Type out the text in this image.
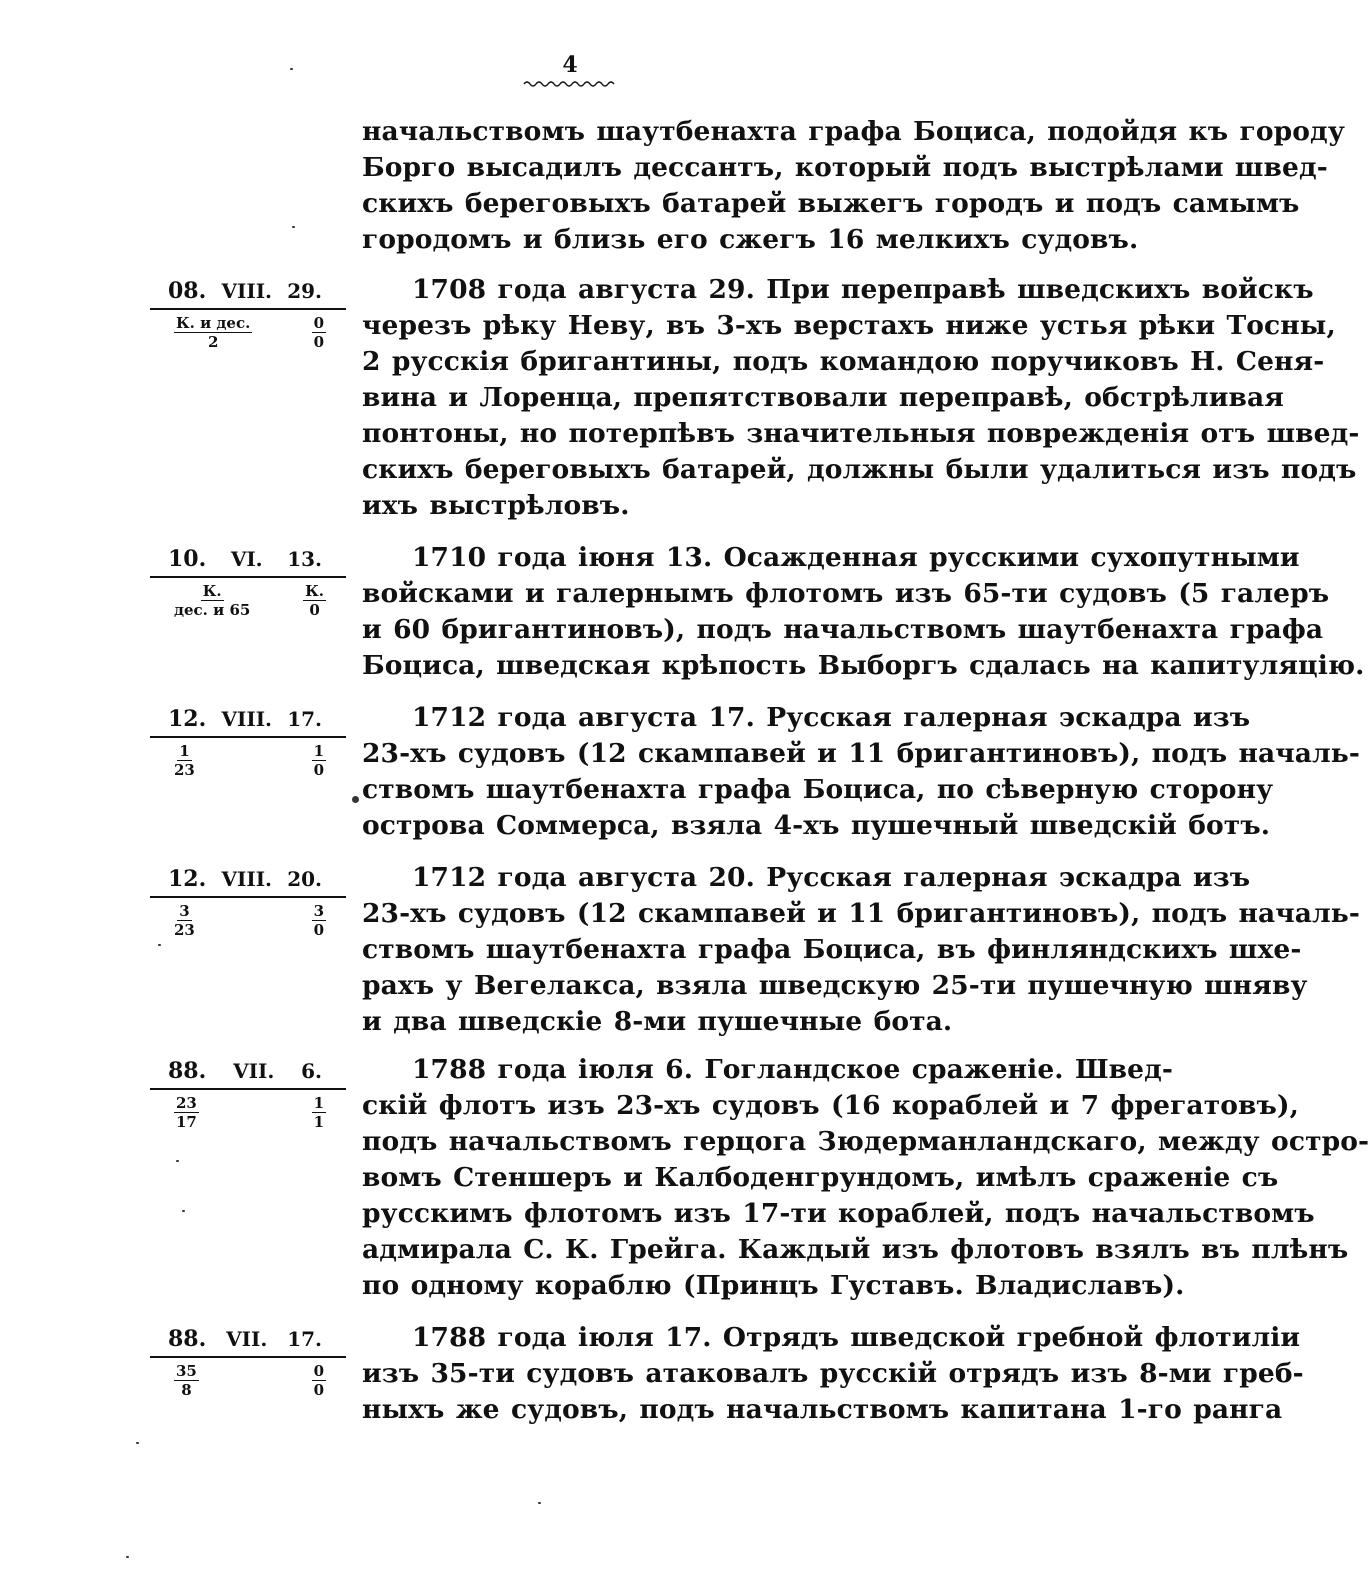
4
начальствомъ шаутбенахта графа Боциса, подойдя къ городу
Борго высадилъ дессантъ, который подъ выстрѣлами швед-
скихъ береговыхъ батарей выжегъ городъ и подъ самымъ
городомъ и близь его сжегъ 16 мелкихъ судовъ.
08. VIII. 29.
$\frac{\text{К. и дес.}}{2}$	$\frac{0}{0}$
1708 года августа 29. При переправѣ шведскихъ войскъ
черезъ рѣку Неву, въ 3-хъ верстахъ ниже устья рѣки Тосны,
2 русскія бригантины, подъ командою поручиковъ Н. Сеня-
вина и Лоренца, препятствовали переправѣ, обстрѣливая
понтоны, но потерпѣвъ значительныя поврежденія отъ швед-
скихъ береговыхъ батарей, должны были удалиться изъ подъ
ихъ выстрѣловъ.
10. VI. 13.
$\frac{К.}{\text{дес. и 65}}$	$\frac{К.}{0}$
1710 года іюня 13. Осажденная русскими сухопутными
войсками и галернымъ флотомъ изъ 65-ти судовъ (5 галеръ
и 60 бригантиновъ), подъ начальствомъ шаутбенахта графа
Боциса, шведская крѣпость Выборгъ сдалась на капитуляцію.
12. VIII. 17.
$\frac{1}{23}$	$\frac{1}{0}$
1712 года августа 17. Русская галерная эскадра изъ
23-хъ судовъ (12 скампавей и 11 бригантиновъ), подъ началь-
ствомъ шаутбенахта графа Боциса, по сѣверную сторону
острова Соммерса, взяла 4-хъ пушечный шведскій ботъ.
12. VIII. 20.
$\frac{3}{23}$	$\frac{3}{0}$
1712 года августа 20. Русская галерная эскадра изъ
23-хъ судовъ (12 скампавей и 11 бригантиновъ), подъ началь-
ствомъ шаутбенахта графа Боциса, въ финляндскихъ шхе-
рахъ у Вегелакса, взяла шведскую 25-ти пушечную шняву
и два шведскіе 8-ми пушечные бота.
88. VII. 6.
$\frac{23}{17}$	$\frac{1}{1}$
1788 года іюля 6. Гогландское сраженіе. Швед-
скій флотъ изъ 23-хъ судовъ (16 кораблей и 7 фрегатовъ),
подъ начальствомъ герцога Зюдерманландскаго, между остро-
вомъ Стеншеръ и Калбоденгрундомъ, имѣлъ сраженіе съ
русскимъ флотомъ изъ 17-ти кораблей, подъ начальствомъ
адмирала С. К. Грейга. Каждый изъ флотовъ взялъ въ плѣнъ
по одному кораблю (Принцъ Густавъ. Владиславъ).
88. VII. 17.
$\frac{35}{8}$	$\frac{0}{0}$
1788 года іюля 17. Отрядъ шведской гребной флотиліи
изъ 35-ти судовъ атаковалъ русскій отрядъ изъ 8-ми греб-
ныхъ же судовъ, подъ начальствомъ капитана 1-го ранга
